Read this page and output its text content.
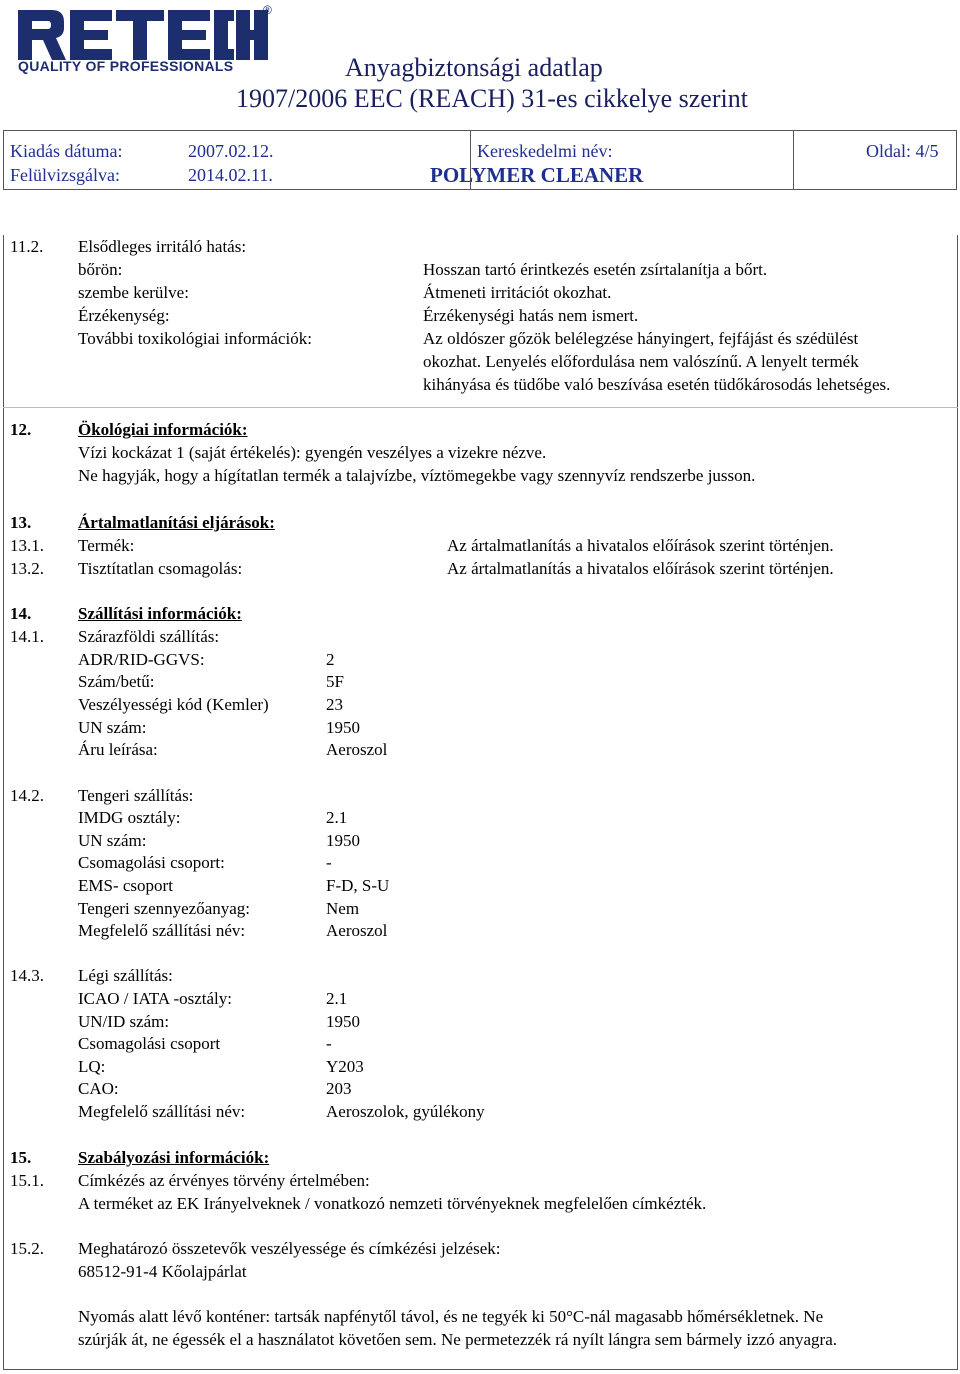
®
QUALITY OF PROFESSIONALS	Anyagbiztonsági adatlap
1907/2006 EEC (REACH) 31-es cikkelye szerint
Kiadás dátuma:	2007.02.12.
Felülvizsgálva:	2014.02.11.
Kereskedelmi név:
POLYMER CLEANER
Oldal: 4/5
11.2. Elsődleges irritáló hatás:
bőrön:	Hosszan tartó érintkezés esetén zsírtalanítja a bőrt.
szembe kerülve:	Átmeneti irritációt okozhat.
Érzékenység:	Érzékenységi hatás nem ismert.
További toxikológiai információk:	Az oldószer gőzök belélegzése hányingert, fejfájást és szédülést
okozhat. Lenyelés előfordulása nem valószínű. A lenyelt termék
kihányása és tüdőbe való beszívása esetén tüdőkárosodás lehetséges.
12.	Ökológiai információk:
Vízi kockázat 1 (saját értékelés): gyengén veszélyes a vizekre nézve.
Ne hagyják, hogy a hígítatlan termék a talajvízbe, víztömegekbe vagy szennyvíz rendszerbe jusson.
13.	Ártalmatlanítási eljárások:
13.1. Termék:	Az ártalmatlanítás a hivatalos előírások szerint történjen.
13.2. Tisztítatlan csomagolás:	Az ártalmatlanítás a hivatalos előírások szerint történjen.
14.	Szállítási információk:
14.1. Szárazföldi szállítás:
ADR/RID-GGVS:	2
Szám/betű:	5F
Veszélyességi kód (Kemler)	23
UN szám:	1950
Áru leírása:	Aeroszol
14.2. Tengeri szállítás:
IMDG osztály:	2.1
UN szám:	1950
Csomagolási csoport:	-
EMS- csoport	F-D, S-U
Tengeri szennyezőanyag:	Nem
Megfelelő szállítási név:	Aeroszol
14.3. Légi szállítás:
ICAO / IATA -osztály:	2.1
UN/ID szám:	1950
Csomagolási csoport	-
LQ:	Y203
CAO:	203
Megfelelő szállítási név:	Aeroszolok, gyúlékony
15.	Szabályozási információk:
15.1. Címkézés az érvényes törvény értelmében:
A terméket az EK Irányelveknek / vonatkozó nemzeti törvényeknek megfelelően címkézték.
15.2. Meghatározó összetevők veszélyessége és címkézési jelzések:
68512-91-4 Kőolajpárlat
Nyomás alatt lévő konténer: tartsák napfénytől távol, és ne tegyék ki 50°C-nál magasabb hőmérsékletnek. Ne
szúrják át, ne égessék el a használatot követően sem. Ne permetezzék rá nyílt lángra sem bármely izzó anyagra.
